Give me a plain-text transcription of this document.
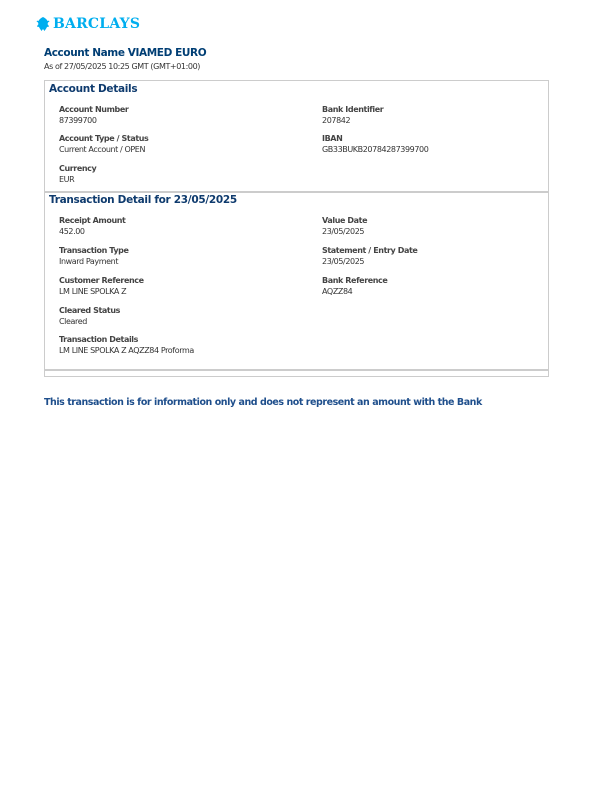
BARCLAYS
Account Name VIAMED EURO
As of 27/05/2025 10:25 GMT (GMT+01:00)
Account Details
Account Number
87399700
Bank Identifier
207842
Account Type / Status
Current Account / OPEN
IBAN
GB33BUKB20784287399700
Currency
EUR
Transaction Detail for 23/05/2025
Receipt Amount
452.00
Value Date
23/05/2025
Transaction Type
Inward Payment
Statement / Entry Date
23/05/2025
Customer Reference
LM LINE SPOLKA Z
Bank Reference
AQZZ84
Cleared Status
Cleared
Transaction Details
LM LINE SPOLKA Z AQZZ84 Proforma
This transaction is for information only and does not represent an amount with the Bank
